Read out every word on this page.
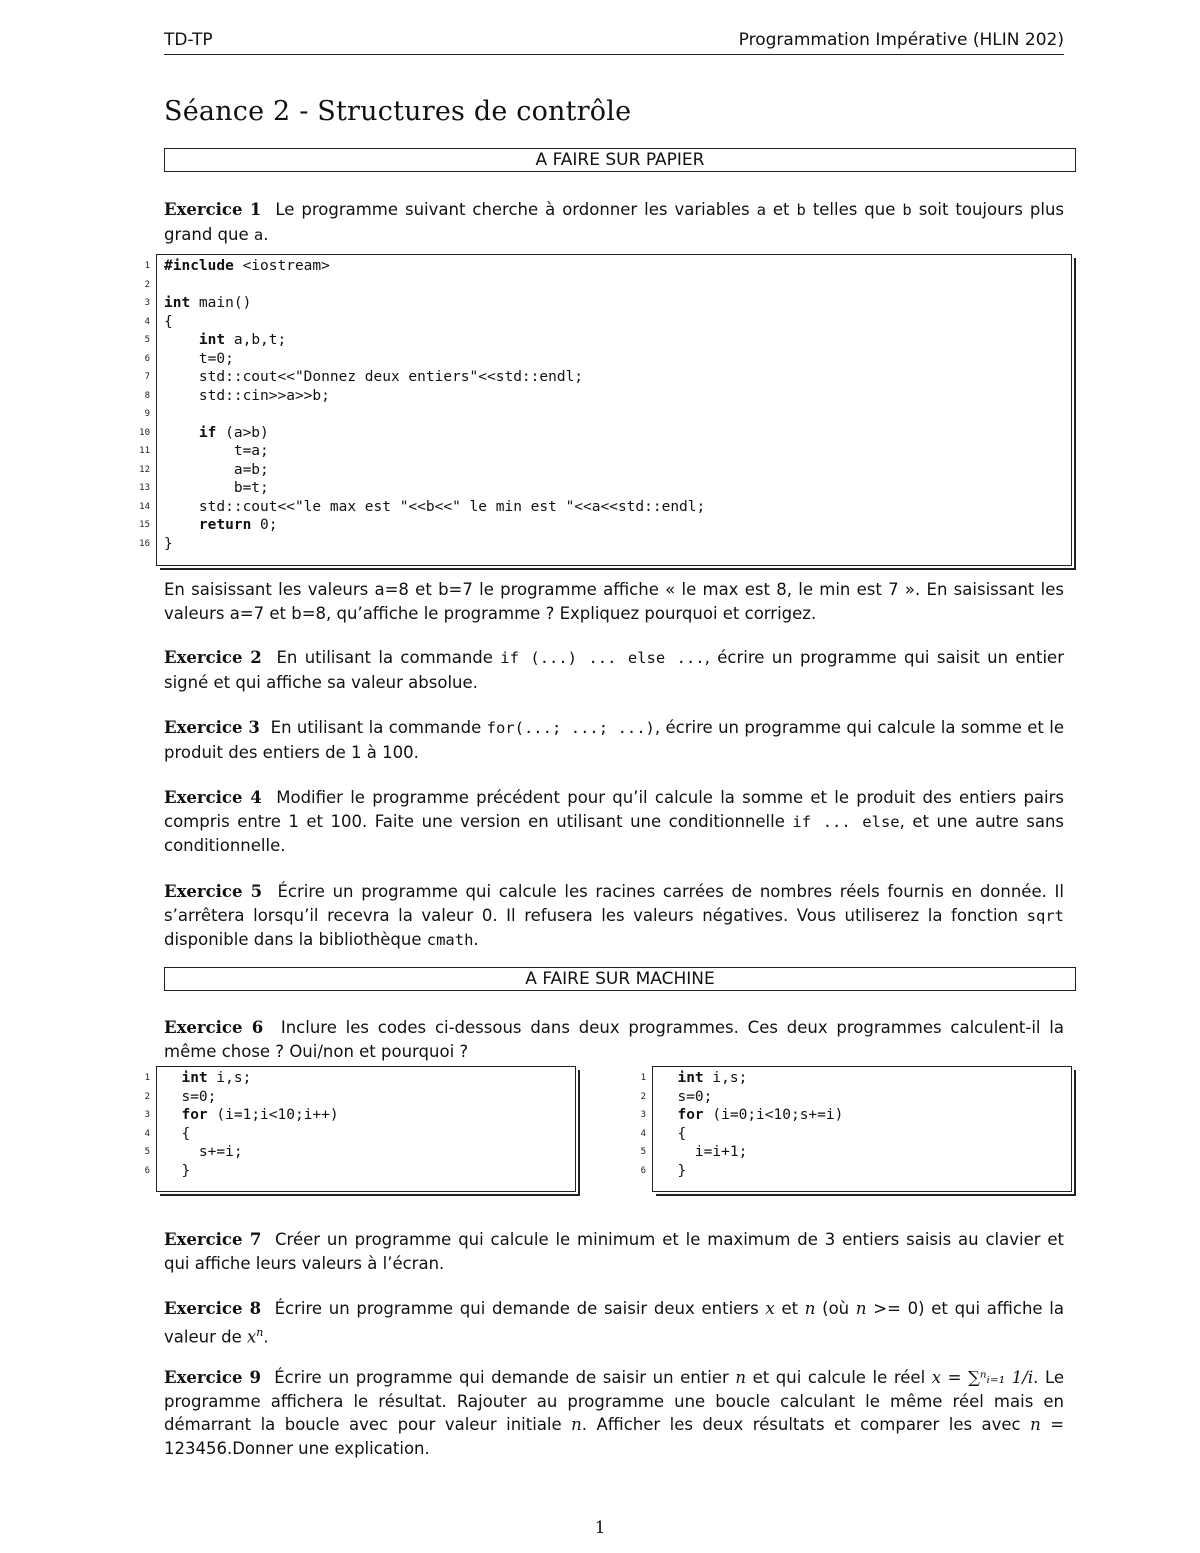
TD-TP	Programmation Impérative (HLIN 202)
Séance 2 - Structures de contrôle
A FAIRE SUR PAPIER
Exercice 1 Le programme suivant cherche à ordonner les variables a et b telles que b soit toujours plus grand que a.
1 #include <iostream>
2
3 int main()
4 {
5	int a,b,t;
6 t=0;
7 std::cout<<"Donnez deux entiers"<<std::endl;
8 std::cin>>a>>b;
9
10	if (a>b)
11 t=a;
12 a=b;
13 b=t;
14 std::cout<<"le max est "<<b<<" le min est "<<a<<std::endl;
15	return 0;
16 }
En saisissant les valeurs a=8 et b=7 le programme affiche « le max est 8, le min est 7 ». En saisissant les valeurs a=7 et b=8, qu’affiche le programme ? Expliquez pourquoi et corrigez.
Exercice 2 En utilisant la commande if (...) ... else ..., écrire un programme qui saisit un entier signé et qui affiche sa valeur absolue.
Exercice 3 En utilisant la commande for(...; ...; ...), écrire un programme qui calcule la somme et le produit des entiers de 1 à 100.
Exercice 4 Modifier le programme précédent pour qu’il calcule la somme et le produit des entiers pairs compris entre 1 et 100. Faite une version en utilisant une conditionnelle if ... else, et une autre sans conditionnelle.
Exercice 5 Écrire un programme qui calcule les racines carrées de nombres réels fournis en donnée. Il s’arrêtera lorsqu’il recevra la valeur 0. Il refusera les valeurs négatives. Vous utiliserez la fonction sqrt disponible dans la bibliothèque cmath.
A FAIRE SUR MACHINE
Exercice 6 Inclure les codes ci-dessous dans deux programmes. Ces deux programmes calculent-il la même chose ? Oui/non et pourquoi ?
1	int i,s;
2 s=0;
3	for (i=1;i<10;i++)
4 {
5 s+=i;
6 }
1	int i,s;
2 s=0;
3	for (i=0;i<10;s+=i)
4 {
5 i=i+1;
6 }
Exercice 7 Créer un programme qui calcule le minimum et le maximum de 3 entiers saisis au clavier et qui affiche leurs valeurs à l’écran.
Exercice 8 Écrire un programme qui demande de saisir deux entiers x et n (où n >= 0) et qui affiche la valeur de $x^n$.
Exercice 9 Écrire un programme qui demande de saisir un entier n et qui calcule le réel x = ∑ⁿᵢ₌₁ 1/i. Le programme affichera le résultat. Rajouter au programme une boucle calculant le même réel mais en démarrant la boucle avec pour valeur initiale n. Afficher les deux résultats et comparer les avec n = 123456.Donner une explication.
1
